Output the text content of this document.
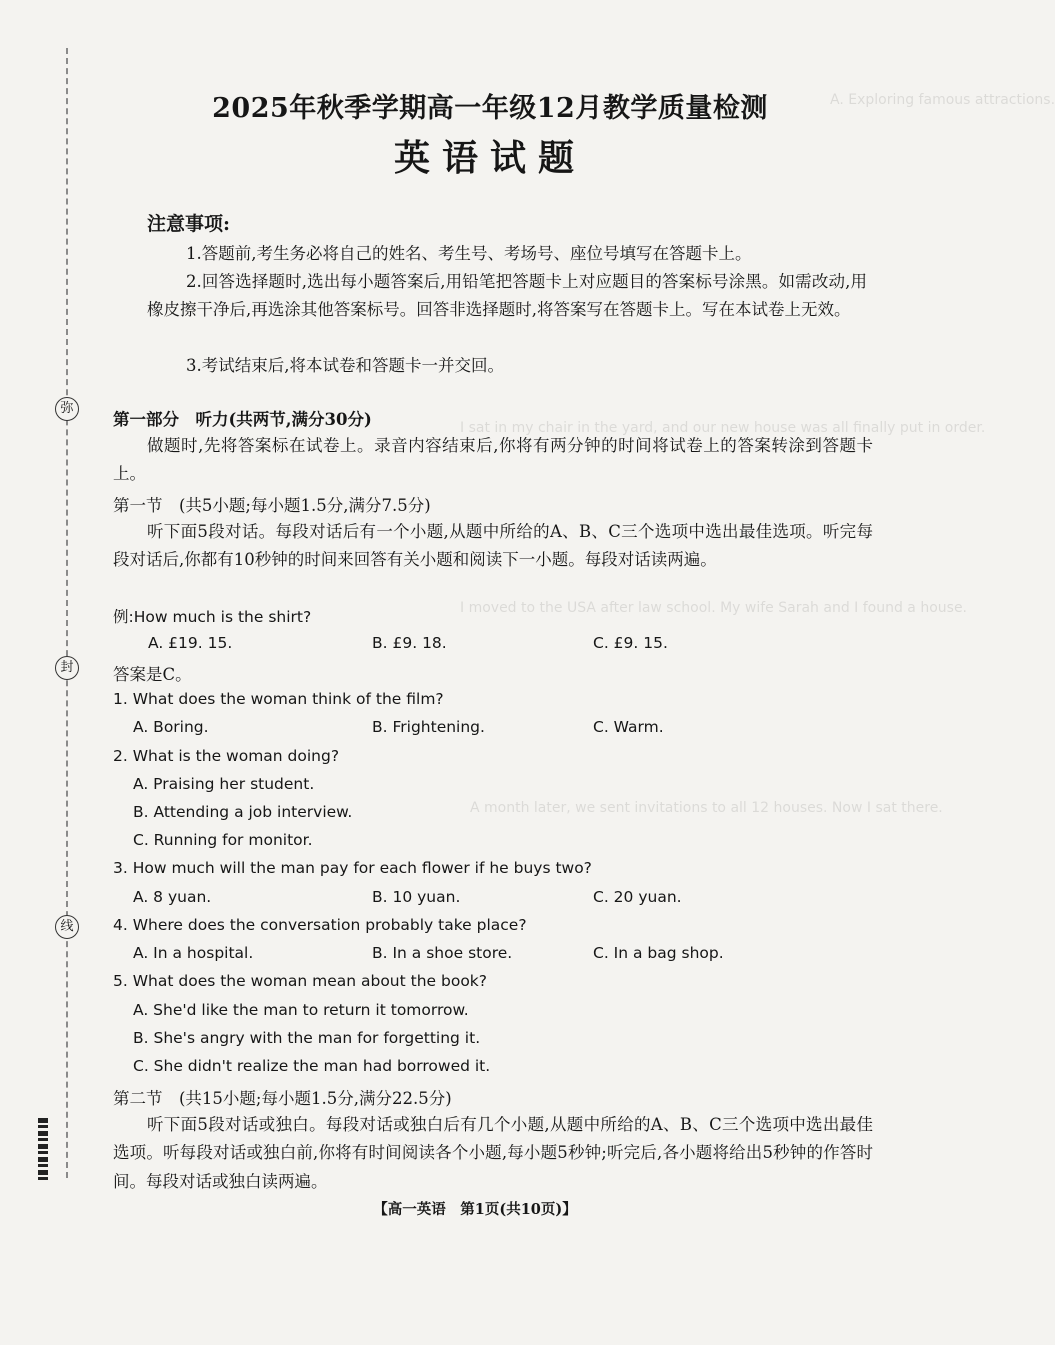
A. Exploring famous attractions.
I sat in my chair in the yard, and our new house was all finally put in order.
I moved to the USA after law school. My wife Sarah and I found a house.
A month later, we sent invitations to all 12 houses. Now I sat there.
弥
封
线
2025年秋季学期高一年级12月教学质量检测
英语试题
注意事项:
1.答题前,考生务必将自己的姓名、考生号、考场号、座位号填写在答题卡上。
2.回答选择题时,选出每小题答案后,用铅笔把答题卡上对应题目的答案标号涂黑。如需改动,用橡皮擦干净后,再选涂其他答案标号。回答非选择题时,将答案写在答题卡上。写在本试卷上无效。
3.考试结束后,将本试卷和答题卡一并交回。
第一部分　听力(共两节,满分30分)
做题时,先将答案标在试卷上。录音内容结束后,你将有两分钟的时间将试卷上的答案转涂到答题卡上。
第一节　(共5小题;每小题1.5分,满分7.5分)
听下面5段对话。每段对话后有一个小题,从题中所给的A、B、C三个选项中选出最佳选项。听完每段对话后,你都有10秒钟的时间来回答有关小题和阅读下一小题。每段对话读两遍。
例:How much is the shirt?
A. £19. 15.	B. £9. 18.	C. £9. 15.
答案是C。
1. What does the woman think of the film?
A. Boring.	B. Frightening.	C. Warm.
2. What is the woman doing?
A. Praising her student.
B. Attending a job interview.
C. Running for monitor.
3. How much will the man pay for each flower if he buys two?
A. 8 yuan.	B. 10 yuan.	C. 20 yuan.
4. Where does the conversation probably take place?
A. In a hospital.	B. In a shoe store.	C. In a bag shop.
5. What does the woman mean about the book?
A. She'd like the man to return it tomorrow.
B. She's angry with the man for forgetting it.
C. She didn't realize the man had borrowed it.
第二节　(共15小题;每小题1.5分,满分22.5分)
听下面5段对话或独白。每段对话或独白后有几个小题,从题中所给的A、B、C三个选项中选出最佳选项。听每段对话或独白前,你将有时间阅读各个小题,每小题5秒钟;听完后,各小题将给出5秒钟的作答时间。每段对话或独白读两遍。
【高一英语　第1页(共10页)】
